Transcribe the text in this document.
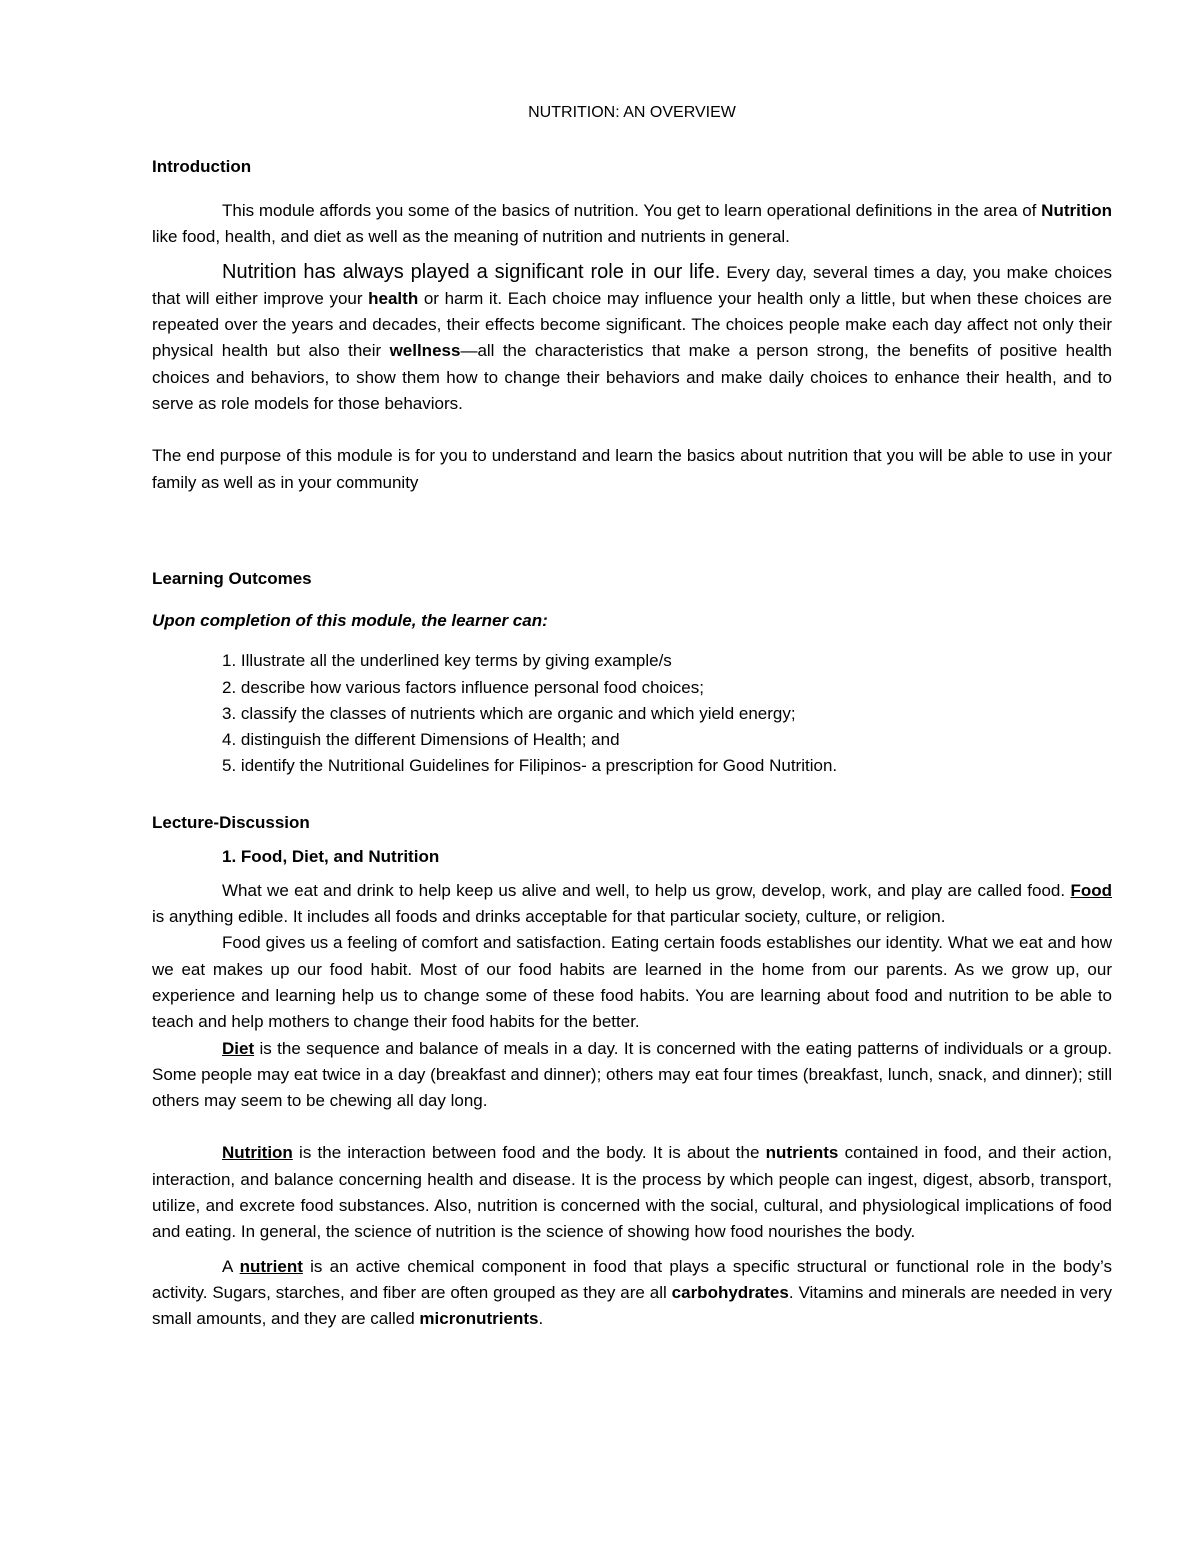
NUTRITION: AN OVERVIEW

Introduction

This module affords you some of the basics of nutrition. You get to learn operational definitions in the area of Nutrition like food, health, and diet as well as the meaning of nutrition and nutrients in general.

Nutrition has always played a significant role in our life. Every day, several times a day, you make choices that will either improve your health or harm it. Each choice may influence your health only a little, but when these choices are repeated over the years and decades, their effects become significant. The choices people make each day affect not only their physical health but also their wellness—all the characteristics that make a person strong, the benefits of positive health choices and behaviors, to show them how to change their behaviors and make daily choices to enhance their health, and to serve as role models for those behaviors.

The end purpose of this module is for you to understand and learn the basics about nutrition that you will be able to use in your family as well as in your community

Learning Outcomes

Upon completion of this module, the learner can:

1. Illustrate all the underlined key terms by giving example/s
2. describe how various factors influence personal food choices;
3. classify the classes of nutrients which are organic and which yield energy;
4. distinguish the different Dimensions of Health; and
5. identify the Nutritional Guidelines for Filipinos- a prescription for Good Nutrition.

Lecture-Discussion

1. Food, Diet, and Nutrition

What we eat and drink to help keep us alive and well, to help us grow, develop, work, and play are called food. Food is anything edible. It includes all foods and drinks acceptable for that particular society, culture, or religion.

Food gives us a feeling of comfort and satisfaction. Eating certain foods establishes our identity. What we eat and how we eat makes up our food habit. Most of our food habits are learned in the home from our parents. As we grow up, our experience and learning help us to change some of these food habits. You are learning about food and nutrition to be able to teach and help mothers to change their food habits for the better.

Diet is the sequence and balance of meals in a day. It is concerned with the eating patterns of individuals or a group. Some people may eat twice in a day (breakfast and dinner); others may eat four times (breakfast, lunch, snack, and dinner); still others may seem to be chewing all day long.

Nutrition is the interaction between food and the body. It is about the nutrients contained in food, and their action, interaction, and balance concerning health and disease. It is the process by which people can ingest, digest, absorb, transport, utilize, and excrete food substances. Also, nutrition is concerned with the social, cultural, and physiological implications of food and eating. In general, the science of nutrition is the science of showing how food nourishes the body.

A nutrient is an active chemical component in food that plays a specific structural or functional role in the body’s activity. Sugars, starches, and fiber are often grouped as they are all carbohydrates. Vitamins and minerals are needed in very small amounts, and they are called micronutrients.
